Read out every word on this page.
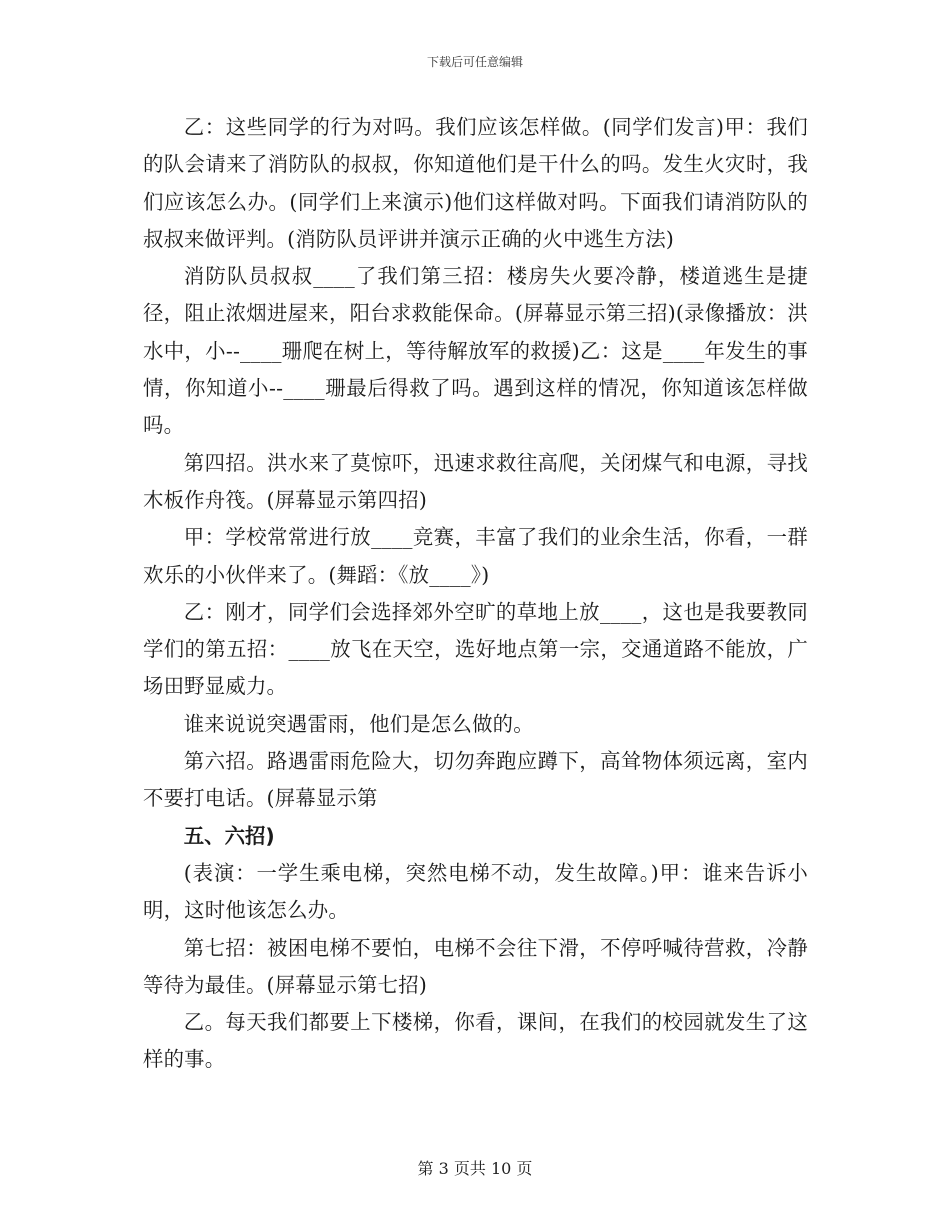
下载后可任意编辑

乙：这些同学的行为对吗。我们应该怎样做。(同学们发言)甲：我们的队会请来了消防队的叔叔，你知道他们是干什么的吗。发生火灾时，我们应该怎么办。(同学们上来演示)他们这样做对吗。下面我们请消防队的叔叔来做评判。(消防队员评讲并演示正确的火中逃生方法)

消防队员叔叔____了我们第三招：楼房失火要冷静，楼道逃生是捷径，阻止浓烟进屋来，阳台求救能保命。(屏幕显示第三招)(录像播放：洪水中，小--____珊爬在树上，等待解放军的救援)乙：这是____年发生的事情，你知道小--____珊最后得救了吗。遇到这样的情况，你知道该怎样做吗。

第四招。洪水来了莫惊吓，迅速求救往高爬，关闭煤气和电源，寻找木板作舟筏。(屏幕显示第四招)

甲：学校常常进行放____竞赛，丰富了我们的业余生活，你看，一群欢乐的小伙伴来了。(舞蹈：《放____》)

乙：刚才，同学们会选择郊外空旷的草地上放____，这也是我要教同学们的第五招：____放飞在天空，选好地点第一宗，交通道路不能放，广场田野显威力。

谁来说说突遇雷雨，他们是怎么做的。

第六招。路遇雷雨危险大，切勿奔跑应蹲下，高耸物体须远离，室内不要打电话。(屏幕显示第

五、六招)

(表演：一学生乘电梯，突然电梯不动，发生故障。)甲：谁来告诉小明，这时他该怎么办。

第七招：被困电梯不要怕，电梯不会往下滑，不停呼喊待营救，冷静等待为最佳。(屏幕显示第七招)

乙。每天我们都要上下楼梯，你看，课间，在我们的校园就发生了这样的事。

第 3 页共 10 页
